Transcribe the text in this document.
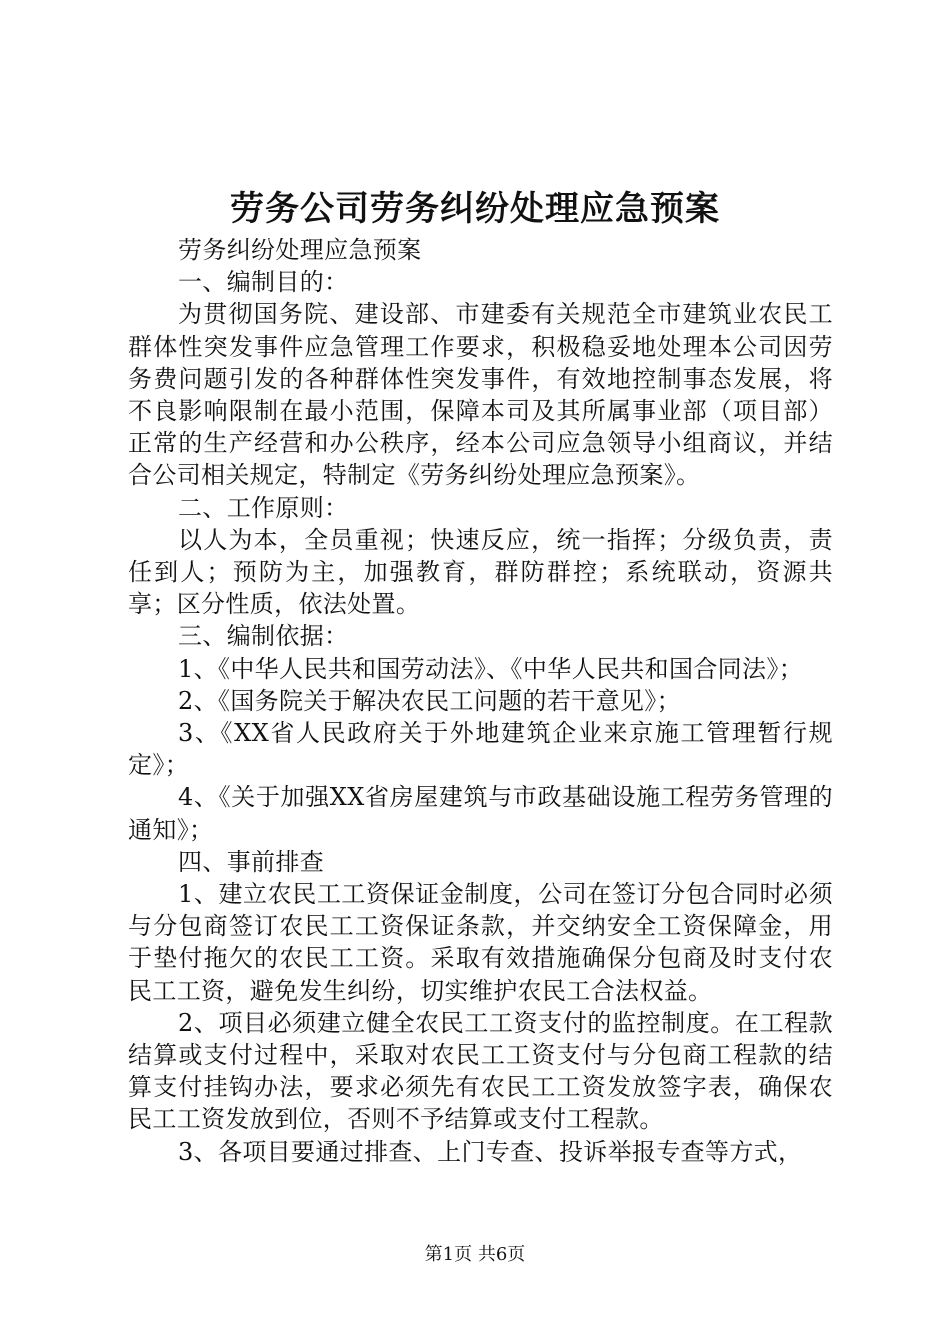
劳务公司劳务纠纷处理应急预案

劳务纠纷处理应急预案

一、编制目的：

为贯彻国务院、建设部、市建委有关规范全市建筑业农民工群体性突发事件应急管理工作要求，积极稳妥地处理本公司因劳务费问题引发的各种群体性突发事件，有效地控制事态发展，将不良影响限制在最小范围，保障本司及其所属事业部（项目部）正常的生产经营和办公秩序，经本公司应急领导小组商议，并结合公司相关规定，特制定《劳务纠纷处理应急预案》。

二、工作原则：

以人为本，全员重视；快速反应，统一指挥；分级负责，责任到人；预防为主，加强教育，群防群控；系统联动，资源共享；区分性质，依法处置。

三、编制依据：

1、《中华人民共和国劳动法》、《中华人民共和国合同法》；

2、《国务院关于解决农民工问题的若干意见》；

3、《XX省人民政府关于外地建筑企业来京施工管理暂行规定》；

4、《关于加强XX省房屋建筑与市政基础设施工程劳务管理的通知》；

四、事前排查

1、建立农民工工资保证金制度，公司在签订分包合同时必须与分包商签订农民工工资保证条款，并交纳安全工资保障金，用于垫付拖欠的农民工工资。采取有效措施确保分包商及时支付农民工工资，避免发生纠纷，切实维护农民工合法权益。

2、项目必须建立健全农民工工资支付的监控制度。在工程款结算或支付过程中，采取对农民工工资支付与分包商工程款的结算支付挂钩办法，要求必须先有农民工工资发放签字表，确保农民工工资发放到位，否则不予结算或支付工程款。

3、各项目要通过排查、上门专查、投诉举报专查等方式，

第1页 共6页
